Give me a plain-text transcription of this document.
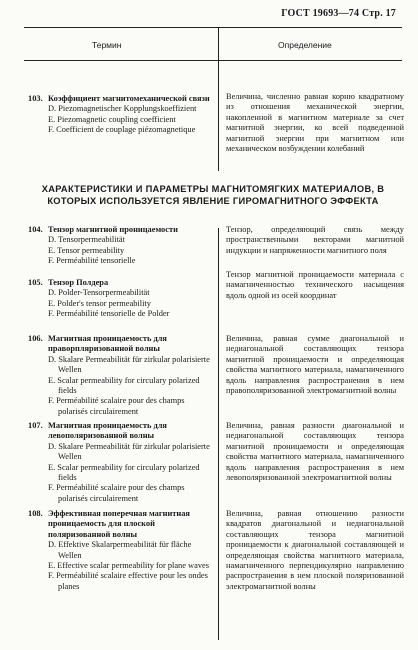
ГОСТ 19693—74 Стр. 17
Термин	Определение
103. Коэффициент магнитомеханической связи
D. Piezomagnetischer Kopplungskoeffizient
E. Piezomagnetic coupling coefficient
F. Coefficient de couplage piézomagnetique
Величина, численно равная корню квадратному из отношения механической энергии, накопленной в магнитном материале за счет магнитной энергии, ко всей подведенной магнитной энергии при магнитном или механическом возбуждении колебаний
ХАРАКТЕРИСТИКИ И ПАРАМЕТРЫ МАГНИТОМЯГКИХ МАТЕРИАЛОВ, В КОТОРЫХ ИСПОЛЬЗУЕТСЯ ЯВЛЕНИЕ ГИРОМАГНИТНОГО ЭФФЕКТА
104. Тензор магнитной проницаемости
D. Tensorpermeabilität
E. Tensor permeability
F. Perméabilité tensorielle
Тензор, определяющий связь между пространственными векторами магнитной индукции и напряженности магнитного поля
105. Тензор Полдера
D. Polder-Tensorpermeabilität
E. Polder's tensor permeability
F. Perméabilité tensorielle de Polder
Тензор магнитной проницаемости материала с намагниченностью технического насыщения вдоль одной из осей координат
106. Магнитная проницаемость для праворпляризованной волны
D. Skalare Permeabilität für zirkular polarisierte Wellen
E. Scalar permeability for circulary polarized fields
F. Perméabilité scalaire pour des champs polarisés circulairement
Величина, равная сумме диагональной и недиагональной составляющих тензора магнитной проницаемости и определяющая свойства магнитного материала, намагниченного вдоль направления распространения в нем правополяризованной электромагнитной волны
107. Магнитная проницаемость для левополяризованной волны
D. Skalare Permeabilität für zirkular polarisierte Wellen
E. Scalar permeability for circulary polarized fields
F. Perméabilité scalaire pour des champs polarisés circulairement
Величина, равная разности диагональной и недиагональной составляющих тензора магнитной проницаемости и определяющая свойства магнитного материала, намагниченного вдоль направления распространения в нем левополяризованной электромагнитной волны
108. Эффективная поперечная магнитная проницаемость для плоской поляризованной волны
D. Effektive Skalarpermeabilität für flächе Wellen
E. Effective scalar permeability for plane waves
F. Perméabilité scalaire effective pour les ondes planes
Величина, равная отношению разности квадратов диагональной и недиагональной составляющих тензора магнитной проницаемости к диагональной составляющей и определяющая свойства магнитного материала, намагниченного перпендикулярно направлению распространения в нем плоской поляризованной электромагнитной волны
